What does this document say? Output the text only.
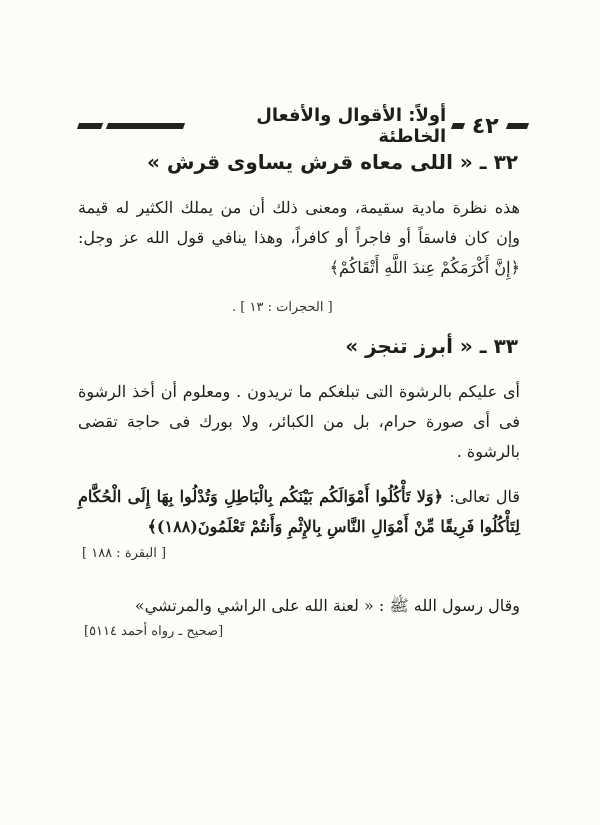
٤٢
أولاً: الأقوال والأفعال الخاطئة
٣٢ ـ « اللى معاه قرش يساوى قرش »
هذه نظرة مادية سقيمة، ومعنى ذلك أن من يملك الكثير له قيمة وإن كان فاسقاً أو فاجراً أو كافراً، وهذا ينافي قول الله عز وجل: ﴿إِنَّ أَكْرَمَكُمْ عِندَ اللَّهِ أَتْقَاكُمْ﴾
[ الحجرات : ١٣ ] .
٣٣ ـ « أبرز تنجز »
أى عليكم بالرشوة التى تبلغكم ما تريدون . ومعلوم أن أخذ الرشوة فى أى صورة حرام، بل من الكبائر، ولا بورك فى حاجة تقضى بالرشوة .
قال تعالى: ﴿وَلا تَأْكُلُوا أَمْوَالَكُم بَيْنَكُم بِالْبَاطِلِ وَتُدْلُوا بِهَا إِلَى الْحُكَّامِ لِتَأْكُلُوا فَرِيقًا مِّنْ أَمْوَالِ النَّاسِ بِالإِثْمِ وَأَنتُمْ تَعْلَمُونَ(١٨٨)﴾
[ البقرة : ١٨٨ ]
وقال رسول الله ﷺ : « لعنة الله على الراشي والمرتشي»
[صحيح ـ رواه أحمد ٥١١٤]
